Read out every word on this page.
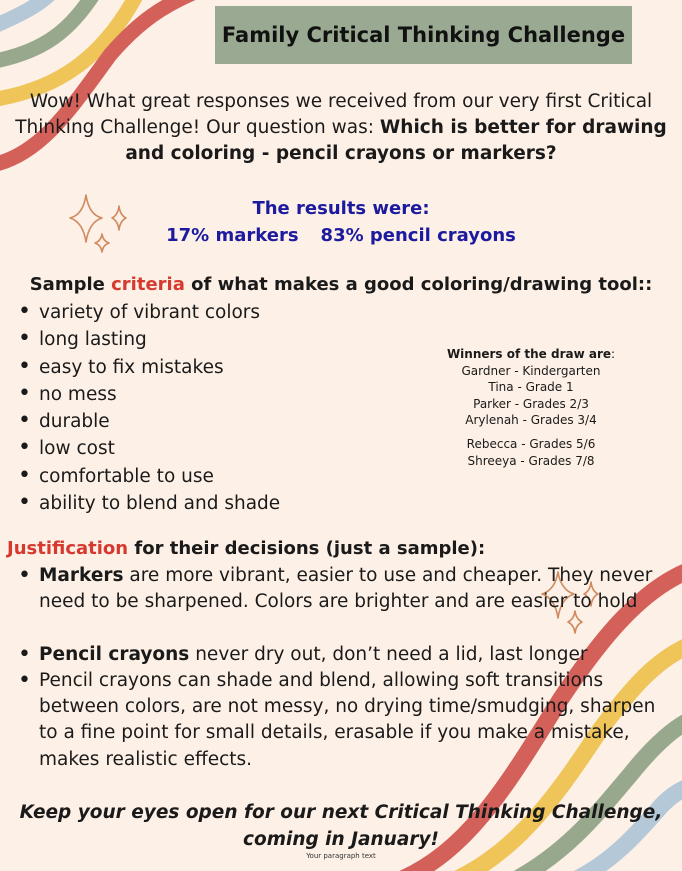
Family Critical Thinking Challenge
Wow! What great responses we received from our very first Critical Thinking Challenge! Our question was: Which is better for drawing and coloring - pencil crayons or markers?
The results were:
17% markers 83% pencil crayons
Sample criteria of what makes a good coloring/drawing tool::
• variety of vibrant colors
• long lasting
• easy to fix mistakes
• no mess
• durable
• low cost
• comfortable to use
• ability to blend and shade
Winners of the draw are:
Gardner - Kindergarten
Tina - Grade 1
Parker - Grades 2/3
Arylenah - Grades 3/4
Rebecca - Grades 5/6
Shreeya - Grades 7/8
Justification for their decisions (just a sample):
• Markers are more vibrant, easier to use and cheaper. They never need to be sharpened. Colors are brighter and are easier to hold
• Pencil crayons never dry out, don’t need a lid, last longer
• Pencil crayons can shade and blend, allowing soft transitions between colors, are not messy, no drying time/smudging, sharpen to a fine point for small details, erasable if you make a mistake, makes realistic effects.
Keep your eyes open for our next Critical Thinking Challenge, coming in January!
Your paragraph text
